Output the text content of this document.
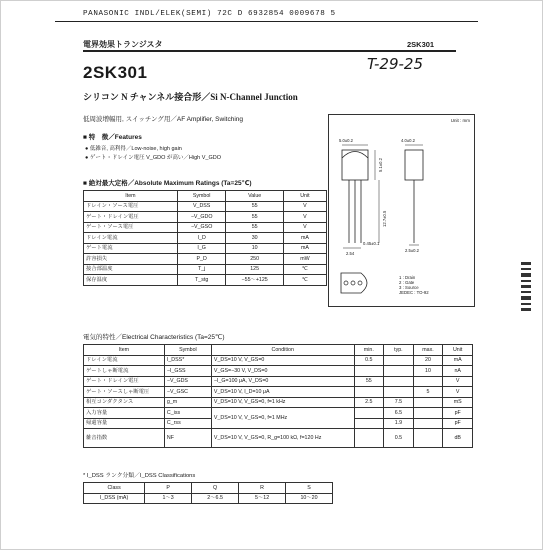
PANASONIC INDL/ELEK(SEMI) 72C D 6932854 0009678 5
電界効果トランジスタ	2SK301
2SK301	T-29-25
シリコン N チャンネル接合形／Si N-Channel Junction
低周波増幅用, スイッチング用／AF Amplifier, Switching
■ 特　徴／Features
● 低雑音, 高利得／Low-noise, high gain
● ゲート・ドレイン電圧 V_GDO が高い／High V_GDO
■ 絶対最大定格／Absolute Maximum Ratings (Ta=25℃)
Item	Symbol	Value	Unit
ドレイン・ソース電圧	V_DSS	55	V
ゲート・ドレイン電圧	−V_GDO	55	V
ゲート・ソース電圧	−V_GSO	55	V
ドレイン電流	I_D	30	mA
ゲート電流	I_G	10	mA
許容損失	P_D	250	mW
接合部温度	T_j	125	℃
保存温度	T_stg	−55～+125	℃
Unit : mm
5.0±0.2	4.0±0.2
5.1±0.2
12.7±0.5
0.45±0.1
2.54
2.5±0.2
1 : Drain
2 : Gate
3 : Source
JEDEC : TO-92
電気的特性／Electrical Characteristics (Ta=25℃)
Item	Symbol	Condition	min.	typ.	max.	Unit
ドレイン電流	I_DSS*	V_DS=10 V, V_GS=0	0.5		20	mA
ゲートしゃ断電流	−I_GSS	V_GS=−30 V, V_DS=0			10	nA
ゲート・ドレイン電圧	−V_GDS	−I_G=100 μA, V_DS=0	55			V
ゲート・ソースしゃ断電圧	−V_GSC	V_DS=10 V, I_D=10 μA			5	V
相互コンダクタンス	g_m	V_DS=10 V, V_GS=0, f=1 kHz	2.5	7.5		mS
入力容量	C_iss	V_DS=10 V, V_GS=0, f=1 MHz		6.5		pF
帰還容量	C_rss			1.9		pF
雑音指数	NF	V_DS=10 V, V_GS=0, R_g=100 kΩ, f=120 Hz		0.5		dB
* I_DSS ランク分類／I_DSS Classifications
Class	P	Q	R	S
I_DSS (mA)	1～3	2～6.5	5～12	10～20
